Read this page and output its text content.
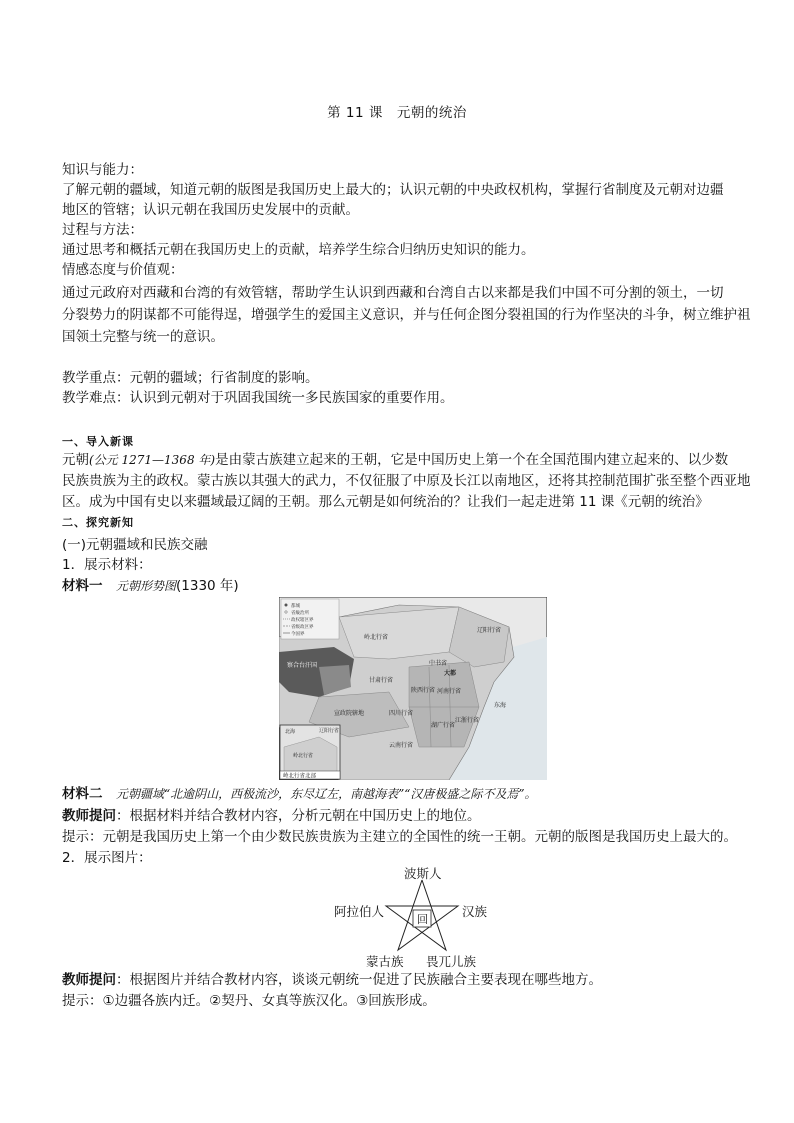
第 11 课　元朝的统治
知识与能力：
了解元朝的疆域，知道元朝的版图是我国历史上最大的；认识元朝的中央政权机构，掌握行省制度及元朝对边疆
地区的管辖；认识元朝在我国历史发展中的贡献。
过程与方法：
通过思考和概括元朝在我国历史上的贡献，培养学生综合归纳历史知识的能力。
情感态度与价值观：
通过元政府对西藏和台湾的有效管辖，帮助学生认识到西藏和台湾自古以来都是我们中国不可分割的领土，一切
分裂势力的阴谋都不可能得逞，增强学生的爱国主义意识，并与任何企图分裂祖国的行为作坚决的斗争，树立维护祖
国领土完整与统一的意识。
教学重点：元朝的疆域；行省制度的影响。
教学难点：认识到元朝对于巩固我国统一多民族国家的重要作用。
一、导入新课
元朝(公元 1271—1368 年)是由蒙古族建立起来的王朝，它是中国历史上第一个在全国范围内建立起来的、以少数
民族贵族为主的政权。蒙古族以其强大的武力，不仅征服了中原及长江以南地区，还将其控制范围扩张至整个西亚地
区。成为中国有史以来疆域最辽阔的王朝。那么元朝是如何统治的？让我们一起走进第 11 课《元朝的统治》
二、探究新知
(一)元朝疆域和民族交融
1．展示材料：
材料一　 元朝形势图(1330 年)
都城
省級治所
政权辖区界
省级政区界
今国界	岭北行省
辽阳行省
察合台汗国
甘肃行省
中书省
大都
宣政院辖地	四川行省
陕西行省 河南行省
江浙行省
湖广行省
云南行省
东海
北海
岭北行省
辽阳行省
岭北行省北部
材料二　 元朝疆域“北逾阴山，西极流沙，东尽辽左，南越海表”“汉唐极盛之际不及焉”。
教师提问：根据材料并结合教材内容，分析元朝在中国历史上的地位。
提示：元朝是我国历史上第一个由少数民族贵族为主建立的全国性的统一王朝。元朝的版图是我国历史上最大的。
2．展示图片：
波斯人
阿拉伯人	汉族
回
蒙古族 畏兀儿族
教师提问：根据图片并结合教材内容，谈谈元朝统一促进了民族融合主要表现在哪些地方。
提示：①边疆各族内迁。②契丹、女真等族汉化。③回族形成。
